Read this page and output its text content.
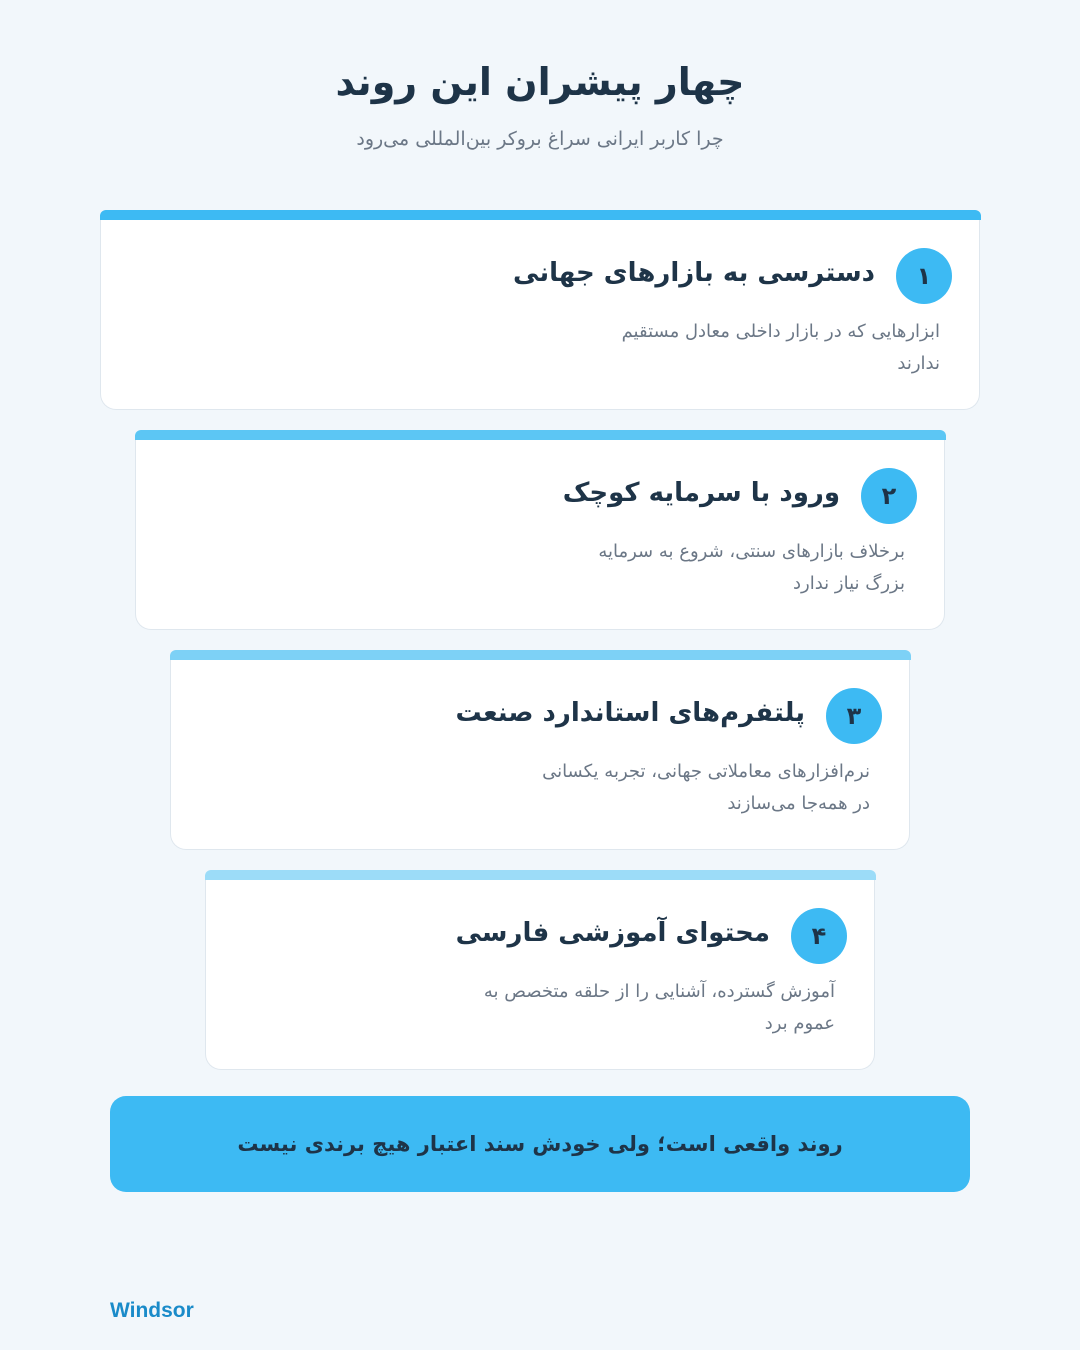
چهار پیشران این روند

چرا کاربر ایرانی سراغ بروکر بین‌المللی می‌رود

۱
دسترسی به بازارهای جهانی
ابزارهایی که در بازار داخلی معادل مستقیم ندارند
۲
ورود با سرمایه کوچک
برخلاف بازارهای سنتی، شروع به سرمایه بزرگ نیاز ندارد
۳
پلتفرم‌های استاندارد صنعت
نرم‌افزارهای معاملاتی جهانی، تجربه یکسانی در همه‌جا می‌سازند
۴
محتوای آموزشی فارسی
آموزش گسترده، آشنایی را از حلقه متخصص به عموم برد
روند واقعی است؛ ولی خودش سند اعتبار هیچ برندی نیست
Windsor
